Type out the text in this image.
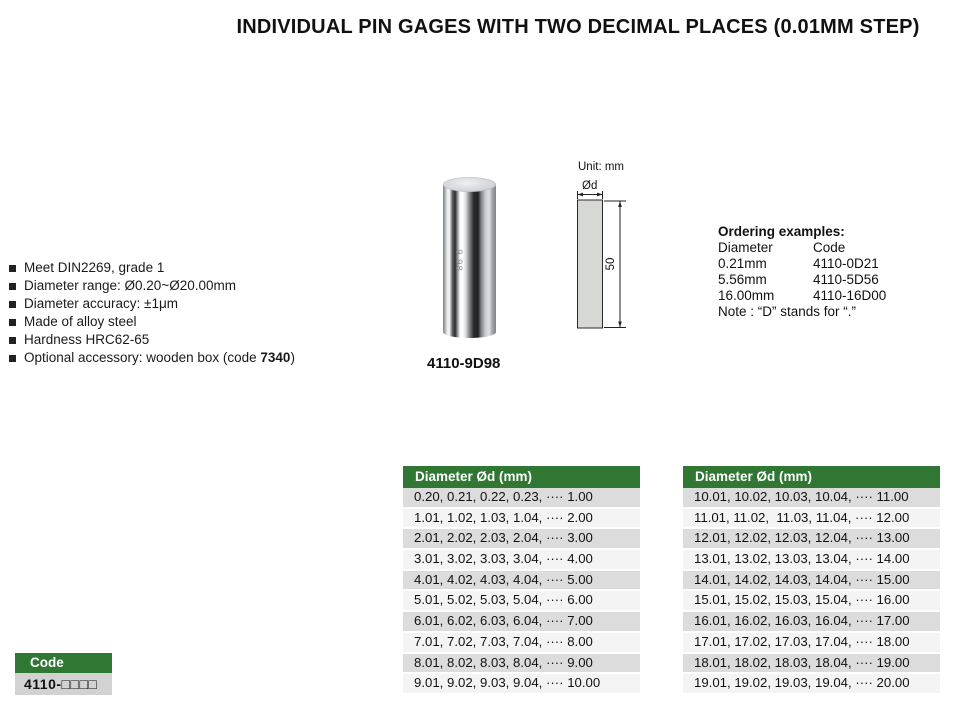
INDIVIDUAL PIN GAGES WITH TWO DECIMAL PLACES (0.01MM STEP)
Meet DIN2269, grade 1
Diameter range: Ø0.20~Ø20.00mm
Diameter accuracy: ±1μm
Made of alloy steel
Hardness HRC62-65
Optional accessory: wooden box (code 7340)
9.98
4110-9D98
Unit: mm
Ød
50
Ordering examples:
Diameter	Code
0.21mm	4110-0D21
5.56mm	4110-5D56
16.00mm	4110-16D00
Note : “D” stands for “.”
Diameter Ød (mm)
0.20, 0.21, 0.22, 0.23, ···· 1.00
1.01, 1.02, 1.03, 1.04, ···· 2.00
2.01, 2.02, 2.03, 2.04, ···· 3.00
3.01, 3.02, 3.03, 3.04, ···· 4.00
4.01, 4.02, 4.03, 4.04, ···· 5.00
5.01, 5.02, 5.03, 5.04, ···· 6.00
6.01, 6.02, 6.03, 6.04, ···· 7.00
7.01, 7.02, 7.03, 7.04, ···· 8.00
8.01, 8.02, 8.03, 8.04, ···· 9.00
9.01, 9.02, 9.03, 9.04, ···· 10.00
Diameter Ød (mm)
10.01, 10.02, 10.03, 10.04, ···· 11.00
11.01, 11.02,  11.03, 11.04, ···· 12.00
12.01, 12.02, 12.03, 12.04, ···· 13.00
13.01, 13.02, 13.03, 13.04, ···· 14.00
14.01, 14.02, 14.03, 14.04, ···· 15.00
15.01, 15.02, 15.03, 15.04, ···· 16.00
16.01, 16.02, 16.03, 16.04, ···· 17.00
17.01, 17.02, 17.03, 17.04, ···· 18.00
18.01, 18.02, 18.03, 18.04, ···· 19.00
19.01, 19.02, 19.03, 19.04, ···· 20.00
Code
4110-□□□□
